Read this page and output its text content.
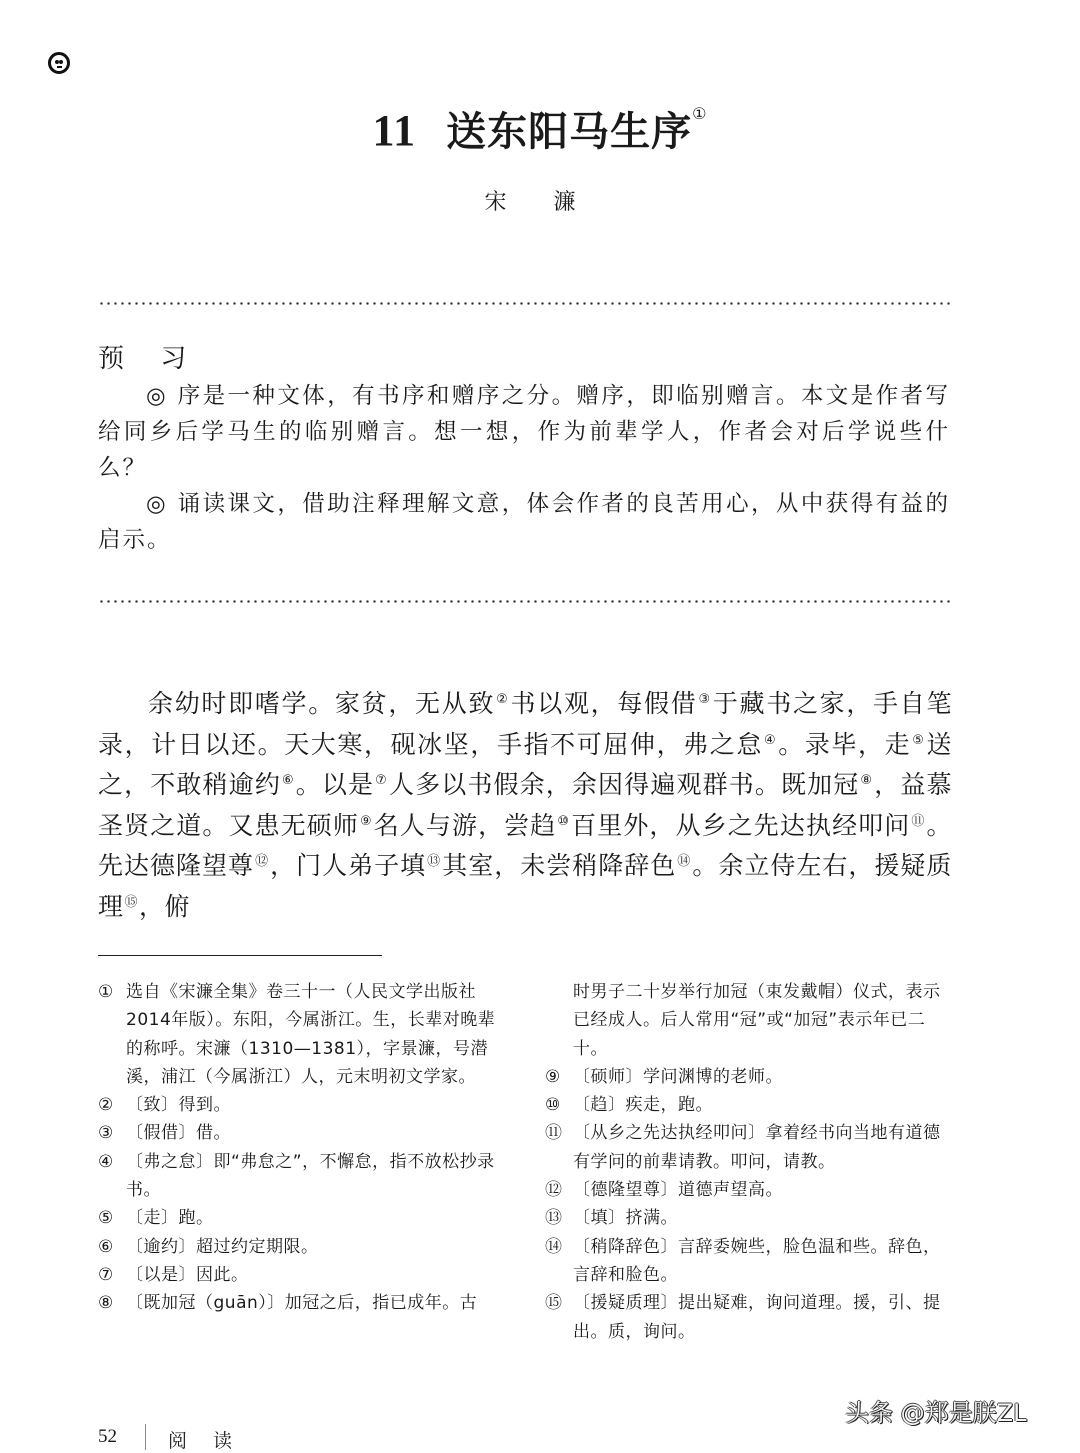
11 送东阳马生序①
宋 濂
预 习

◎ 序是一种文体，有书序和赠序之分。赠序，即临别赠言。本文是作者写给同乡后学马生的临别赠言。想一想，作为前辈学人，作者会对后学说些什么？

◎ 诵读课文，借助注释理解文意，体会作者的良苦用心，从中获得有益的启示。

余幼时即嗜学。家贫，无从致②书以观，每假借③于藏书之家，手自笔录，计日以还。天大寒，砚冰坚，手指不可屈伸，弗之怠④。录毕，走⑤送之，不敢稍逾约⑥。以是⑦人多以书假余，余因得遍观群书。既加冠⑧，益慕圣贤之道。又患无硕师⑨名人与游，尝趋⑩百里外，从乡之先达执经叩问⑪。先达德隆望尊⑫，门人弟子填⑬其室，未尝稍降辞色⑭。余立侍左右，援疑质理⑮，俯

① 选自《宋濂全集》卷三十一（人民文学出版社2014年版）。东阳，今属浙江。生，长辈对晚辈的称呼。宋濂（1310—1381），字景濂，号潜溪，浦江（今属浙江）人，元末明初文学家。
② 〔致〕得到。
③ 〔假借〕借。
④ 〔弗之怠〕即“弗怠之”，不懈怠，指不放松抄录书。
⑤ 〔走〕跑。
⑥ 〔逾约〕超过约定期限。
⑦ 〔以是〕因此。
⑧ 〔既加冠（guān）〕加冠之后，指已成年。古
时男子二十岁举行加冠（束发戴帽）仪式，表示已经成人。后人常用“冠”或“加冠”表示年已二十。
⑨ 〔硕师〕学问渊博的老师。
⑩ 〔趋〕疾走，跑。
⑪ 〔从乡之先达执经叩问〕拿着经书向当地有道德有学问的前辈请教。叩问，请教。
⑫ 〔德隆望尊〕道德声望高。
⑬ 〔填〕挤满。
⑭ 〔稍降辞色〕言辞委婉些，脸色温和些。辞色，言辞和脸色。
⑮ 〔援疑质理〕提出疑难，询问道理。援，引、提出。质，询问。
52	阅 读
头条 @郑是朕ZL
